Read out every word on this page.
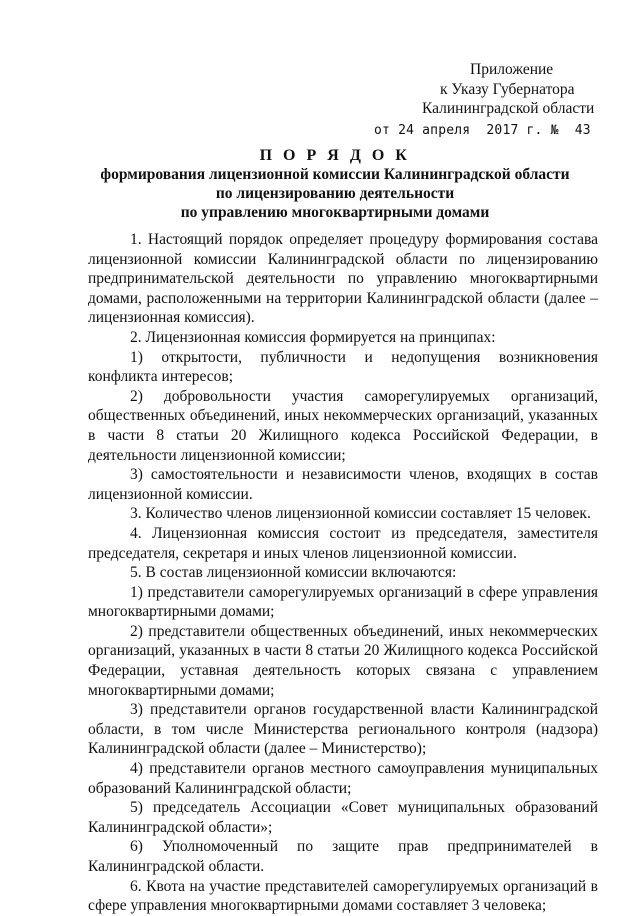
Приложение
к Указу Губернатора
Калининградской области
от 24 апреля 2017 г. № 43
П О Р Я Д О К
формирования лицензионной комиссии Калининградской области
по лицензированию деятельности
по управлению многоквартирными домами

1. Настоящий порядок определяет процедуру формирования состава лицензионной комиссии Калининградской области по лицензированию предпринимательской деятельности по управлению многоквартирными домами, расположенными на территории Калининградской области (далее – лицензионная комиссия).

2. Лицензионная комиссия формируется на принципах:

1) открытости, публичности и недопущения возникновения конфликта интересов;

2) добровольности участия саморегулируемых организаций, общественных объединений, иных некоммерческих организаций, указанных в части 8 статьи 20 Жилищного кодекса Российской Федерации, в деятельности лицензионной комиссии;

3) самостоятельности и независимости членов, входящих в состав лицензионной комиссии.

3. Количество членов лицензионной комиссии составляет 15 человек.

4. Лицензионная комиссия состоит из председателя, заместителя председателя, секретаря и иных членов лицензионной комиссии.

5. В состав лицензионной комиссии включаются:

1) представители саморегулируемых организаций в сфере управления многоквартирными домами;

2) представители общественных объединений, иных некоммерческих организаций, указанных в части 8 статьи 20 Жилищного кодекса Российской Федерации, уставная деятельность которых связана с управлением многоквартирными домами;

3) представители органов государственной власти Калининградской области, в том числе Министерства регионального контроля (надзора) Калининградской области (далее – Министерство);

4) представители органов местного самоуправления муниципальных образований Калининградской области;

5) председатель Ассоциации «Совет муниципальных образований Калининградской области»;

6) Уполномоченный по защите прав предпринимателей в Калининградской области.

6. Квота на участие представителей саморегулируемых организаций в сфере управления многоквартирными домами составляет 3 человека;
